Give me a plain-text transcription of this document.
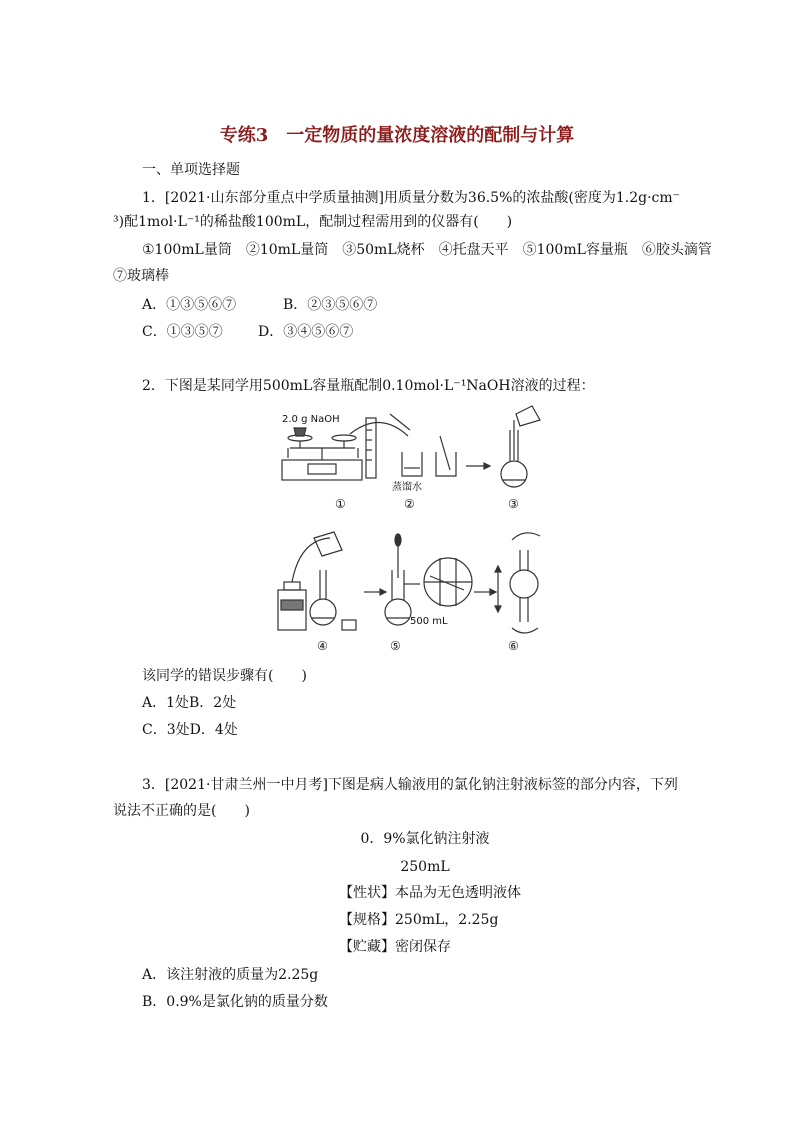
专练3　一定物质的量浓度溶液的配制与计算
一、单项选择题
1．[2021·山东部分重点中学质量抽测]用质量分数为36.5%的浓盐酸(密度为1.2g·cm⁻
³)配1mol·L⁻¹的稀盐酸100mL，配制过程需用到的仪器有(　　)
①100mL量筒　②10mL量筒　③50mL烧杯　④托盘天平　⑤100mL容量瓶　⑥胶头滴管
⑦玻璃棒
A．①③⑤⑥⑦	B．②③⑤⑥⑦
C．①③⑤⑦	D．③④⑤⑥⑦
2．下图是某同学用500mL容量瓶配制0.10mol·L⁻¹NaOH溶液的过程：
2.0 g NaOH
蒸馏水
①	②	③
500 mL
④	⑤	⑥
该同学的错误步骤有(　　)
A．1处B．2处
C．3处D．4处
3．[2021·甘肃兰州一中月考]下图是病人输液用的氯化钠注射液标签的部分内容，下列
说法不正确的是(　　)
0．9%氯化钠注射液
250mL
【性状】本品为无色透明液体
【规格】250mL，2.25g
【贮藏】密闭保存
A．该注射液的质量为2.25g
B．0.9%是氯化钠的质量分数
